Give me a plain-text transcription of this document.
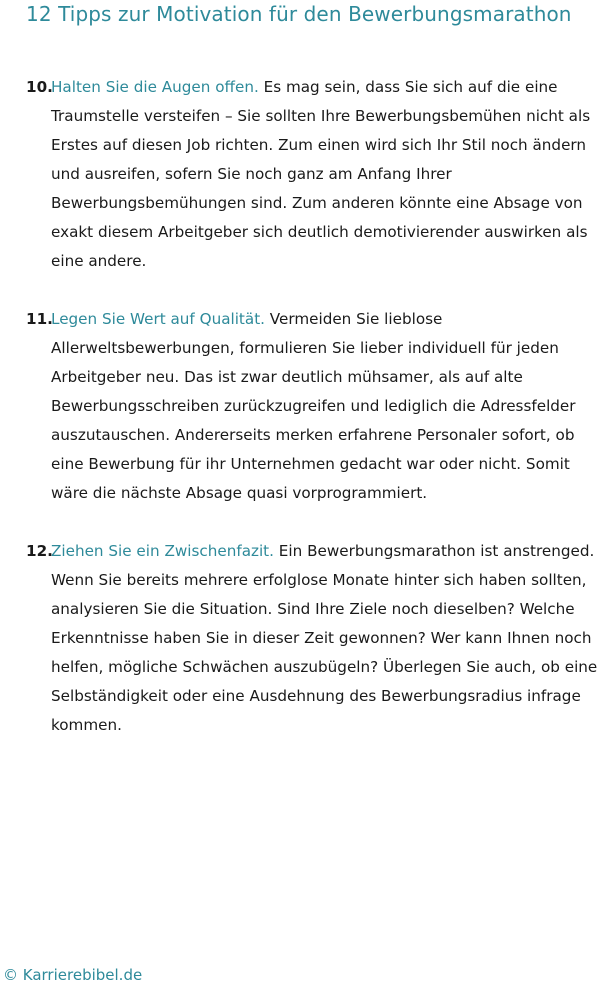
12 Tipps zur Motivation für den Bewerbungsmarathon
10.
Halten Sie die Augen offen. Es mag sein, dass Sie sich auf die eine Traumstelle versteifen – Sie sollten Ihre Bewerbungsbemühen nicht als Erstes auf diesen Job richten. Zum einen wird sich Ihr Stil noch ändern und ausreifen, sofern Sie noch ganz am Anfang Ihrer Bewerbungsbemühungen sind. Zum anderen könnte eine Absage von exakt diesem Arbeitgeber sich deutlich demotivierender auswirken als eine andere.
11.
Legen Sie Wert auf Qualität. Vermeiden Sie lieblose Allerweltsbewerbungen, formulieren Sie lieber individuell für jeden Arbeitgeber neu. Das ist zwar deutlich mühsamer, als auf alte Bewerbungsschreiben zurückzugreifen und lediglich die Adressfelder auszutauschen. Andererseits merken erfahrene Personaler sofort, ob eine Bewerbung für ihr Unternehmen gedacht war oder nicht. Somit wäre die nächste Absage quasi vorprogrammiert.
12.
Ziehen Sie ein Zwischenfazit. Ein Bewerbungsmarathon ist anstrenged. Wenn Sie bereits mehrere erfolglose Monate hinter sich haben sollten, analysieren Sie die Situation. Sind Ihre Ziele noch dieselben? Welche Erkenntnisse haben Sie in dieser Zeit gewonnen? Wer kann Ihnen noch helfen, mögliche Schwächen auszubügeln? Überlegen Sie auch, ob eine Selbständigkeit oder eine Ausdehnung des Bewerbungsradius infrage kommen.
© Karrierebibel.de
